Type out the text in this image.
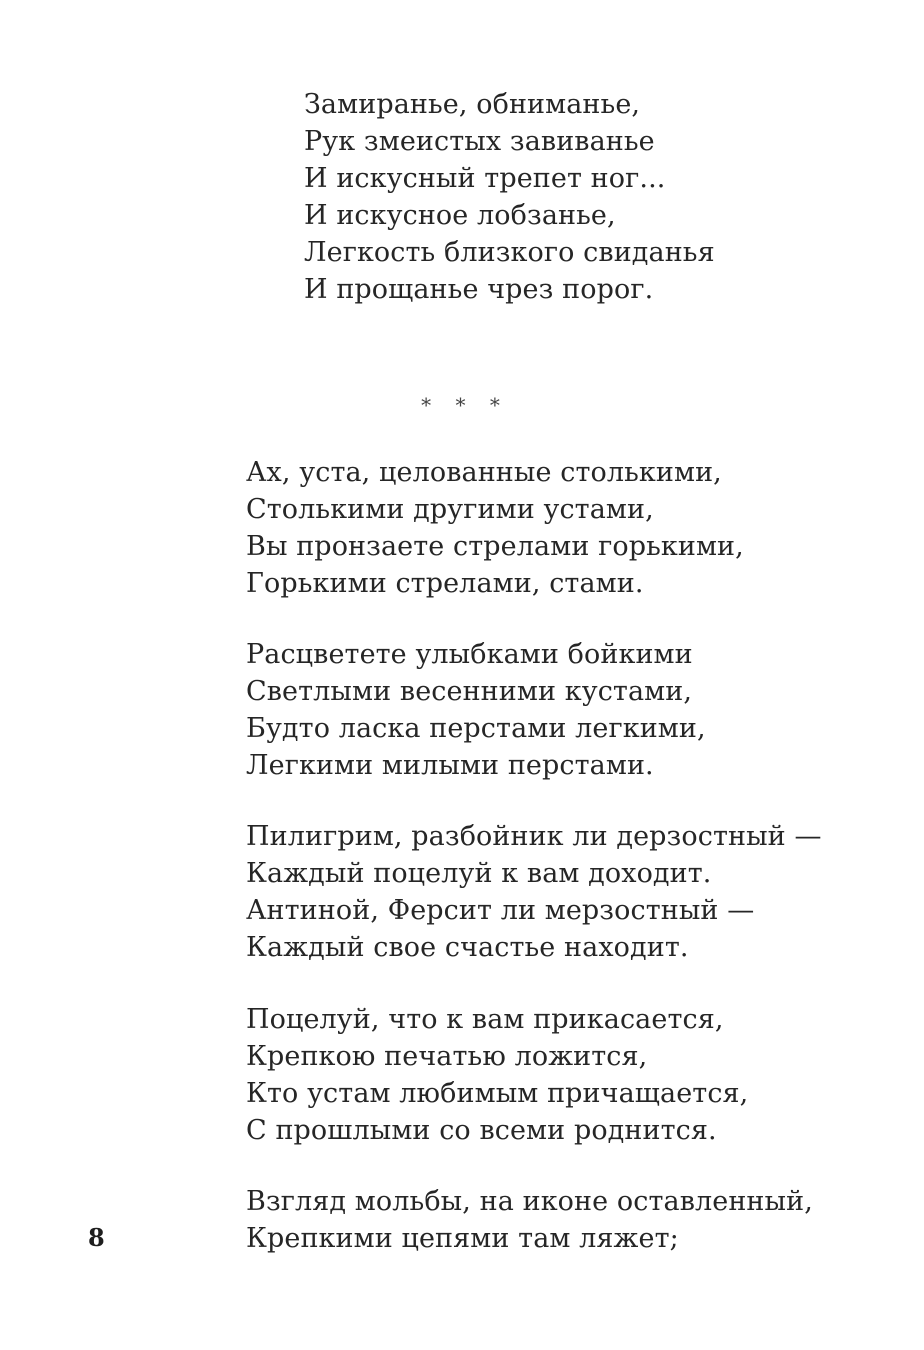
Замиранье, обниманье,
Рук змеистых завиванье
И искусный трепет ног...
И искусное лобзанье,
Легкость близкого свиданья
И прощанье чрез порог.
* * *
Ах, уста, целованные столькими,
Столькими другими устами,
Вы пронзаете стрелами горькими,
Горькими стрелами, стами.
Расцветете улыбками бойкими
Светлыми весенними кустами,
Будто ласка перстами легкими,
Легкими милыми перстами.
Пилигрим, разбойник ли дерзостный —
Каждый поцелуй к вам доходит.
Антиной, Ферсит ли мерзостный —
Каждый свое счастье находит.
Поцелуй, что к вам прикасается,
Крепкою печатью ложится,
Кто устам любимым причащается,
С прошлыми со всеми роднится.
Взгляд мольбы, на иконе оставленный,
Крепкими цепями там ляжет;
8
